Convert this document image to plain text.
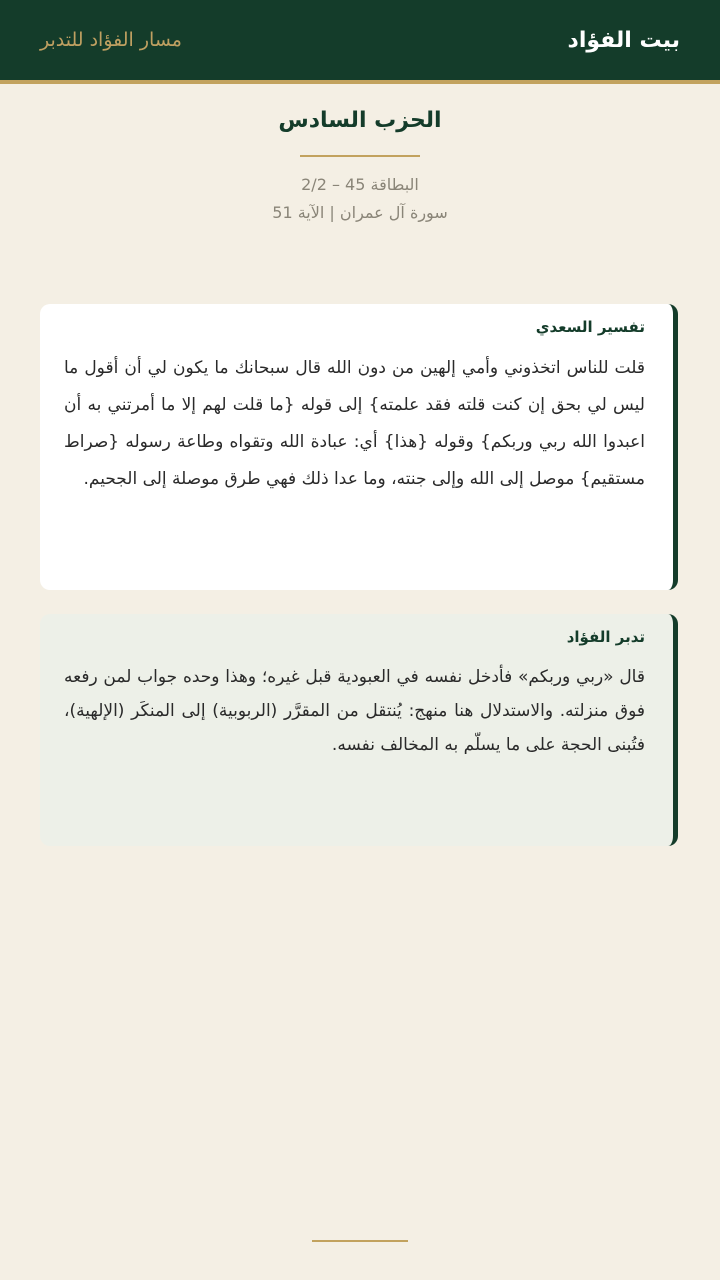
بيت الفؤاد
مسار الفؤاد للتدبر
الحزب السادس
البطاقة 45 – 2/2
سورة آل عمران | الآية 51
تفسير السعدي
قلت للناس اتخذوني وأمي إلهين من دون الله قال سبحانك ما يكون لي أن أقول ما ليس لي بحق إن كنت قلته فقد علمته} إلى قوله {ما قلت لهم إلا ما أمرتني به أن اعبدوا الله ربي وربكم} وقوله {هذا} أي: عبادة الله وتقواه وطاعة رسوله {صراط مستقيم} موصل إلى الله وإلى جنته، وما عدا ذلك فهي طرق موصلة إلى الجحيم.
تدبر الفؤاد
قال «ربي وربكم» فأدخل نفسه في العبودية قبل غيره؛ وهذا وحده جواب لمن رفعه فوق منزلته. والاستدلال هنا منهج: يُنتقل من المقرَّر (الربوبية) إلى المنكَر (الإلهية)، فتُبنى الحجة على ما يسلّم به المخالف نفسه.
